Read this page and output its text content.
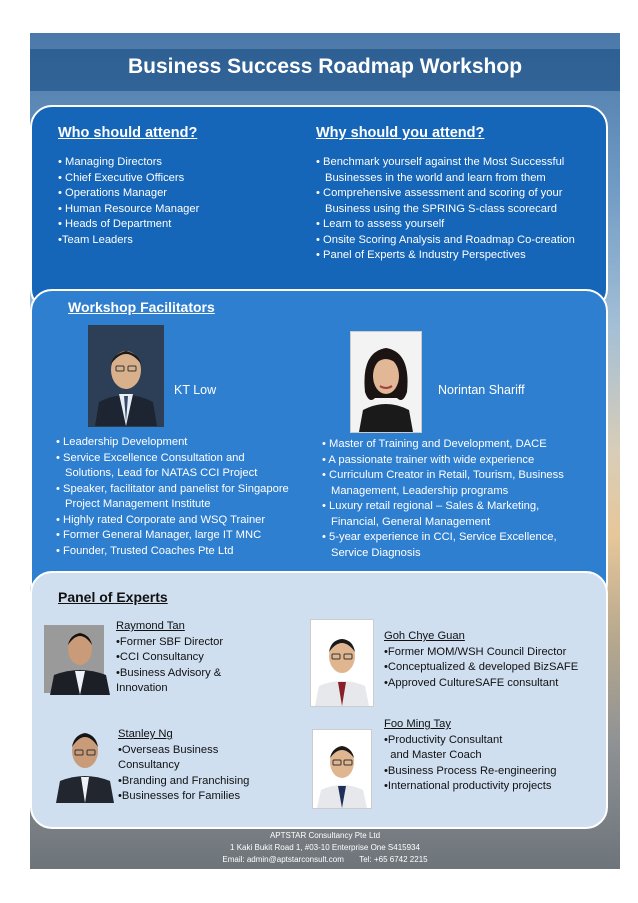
Business Success Roadmap Workshop
Who should attend?
• Managing Directors
• Chief Executive Officers
• Operations Manager
• Human Resource Manager
• Heads of Department
•Team Leaders
Why should you attend?
• Benchmark yourself against the Most Successful Businesses in the world and learn from them
• Comprehensive assessment and scoring of your Business using the SPRING S-class scorecard
• Learn to assess yourself
• Onsite Scoring Analysis and Roadmap Co-creation
• Panel of Experts & Industry Perspectives
Workshop Facilitators
KT Low	Norintan Shariff
• Leadership Development
• Service Excellence Consultation and Solutions, Lead for NATAS CCI Project
• Speaker, facilitator and panelist for Singapore Project Management Institute
• Highly rated Corporate and WSQ Trainer
• Former General Manager, large IT MNC
• Founder, Trusted Coaches Pte Ltd
• Master of Training and Development, DACE
• A passionate trainer with wide experience
• Curriculum Creator in Retail, Tourism, Business Management, Leadership programs
• Luxury retail regional – Sales & Marketing, Financial, General Management
• 5-year experience in CCI, Service Excellence, Service Diagnosis
Panel of Experts
Raymond Tan
•Former SBF Director
•CCI Consultancy
•Business Advisory &
Innovation
Goh Chye Guan
•Former MOM/WSH Council Director
•Conceptualized & developed BizSAFE
•Approved CultureSAFE consultant
Stanley Ng
•Overseas Business
Consultancy
•Branding and Franchising
•Businesses for Families
Foo Ming Tay
•Productivity Consultant
and Master Coach
•Business Process Re-engineering
•International productivity projects
APTSTAR Consultancy Pte Ltd
1 Kaki Bukit Road 1, #03-10 Enterprise One S415934
Email: admin@aptstarconsult.com       Tel: +65 6742 2215
